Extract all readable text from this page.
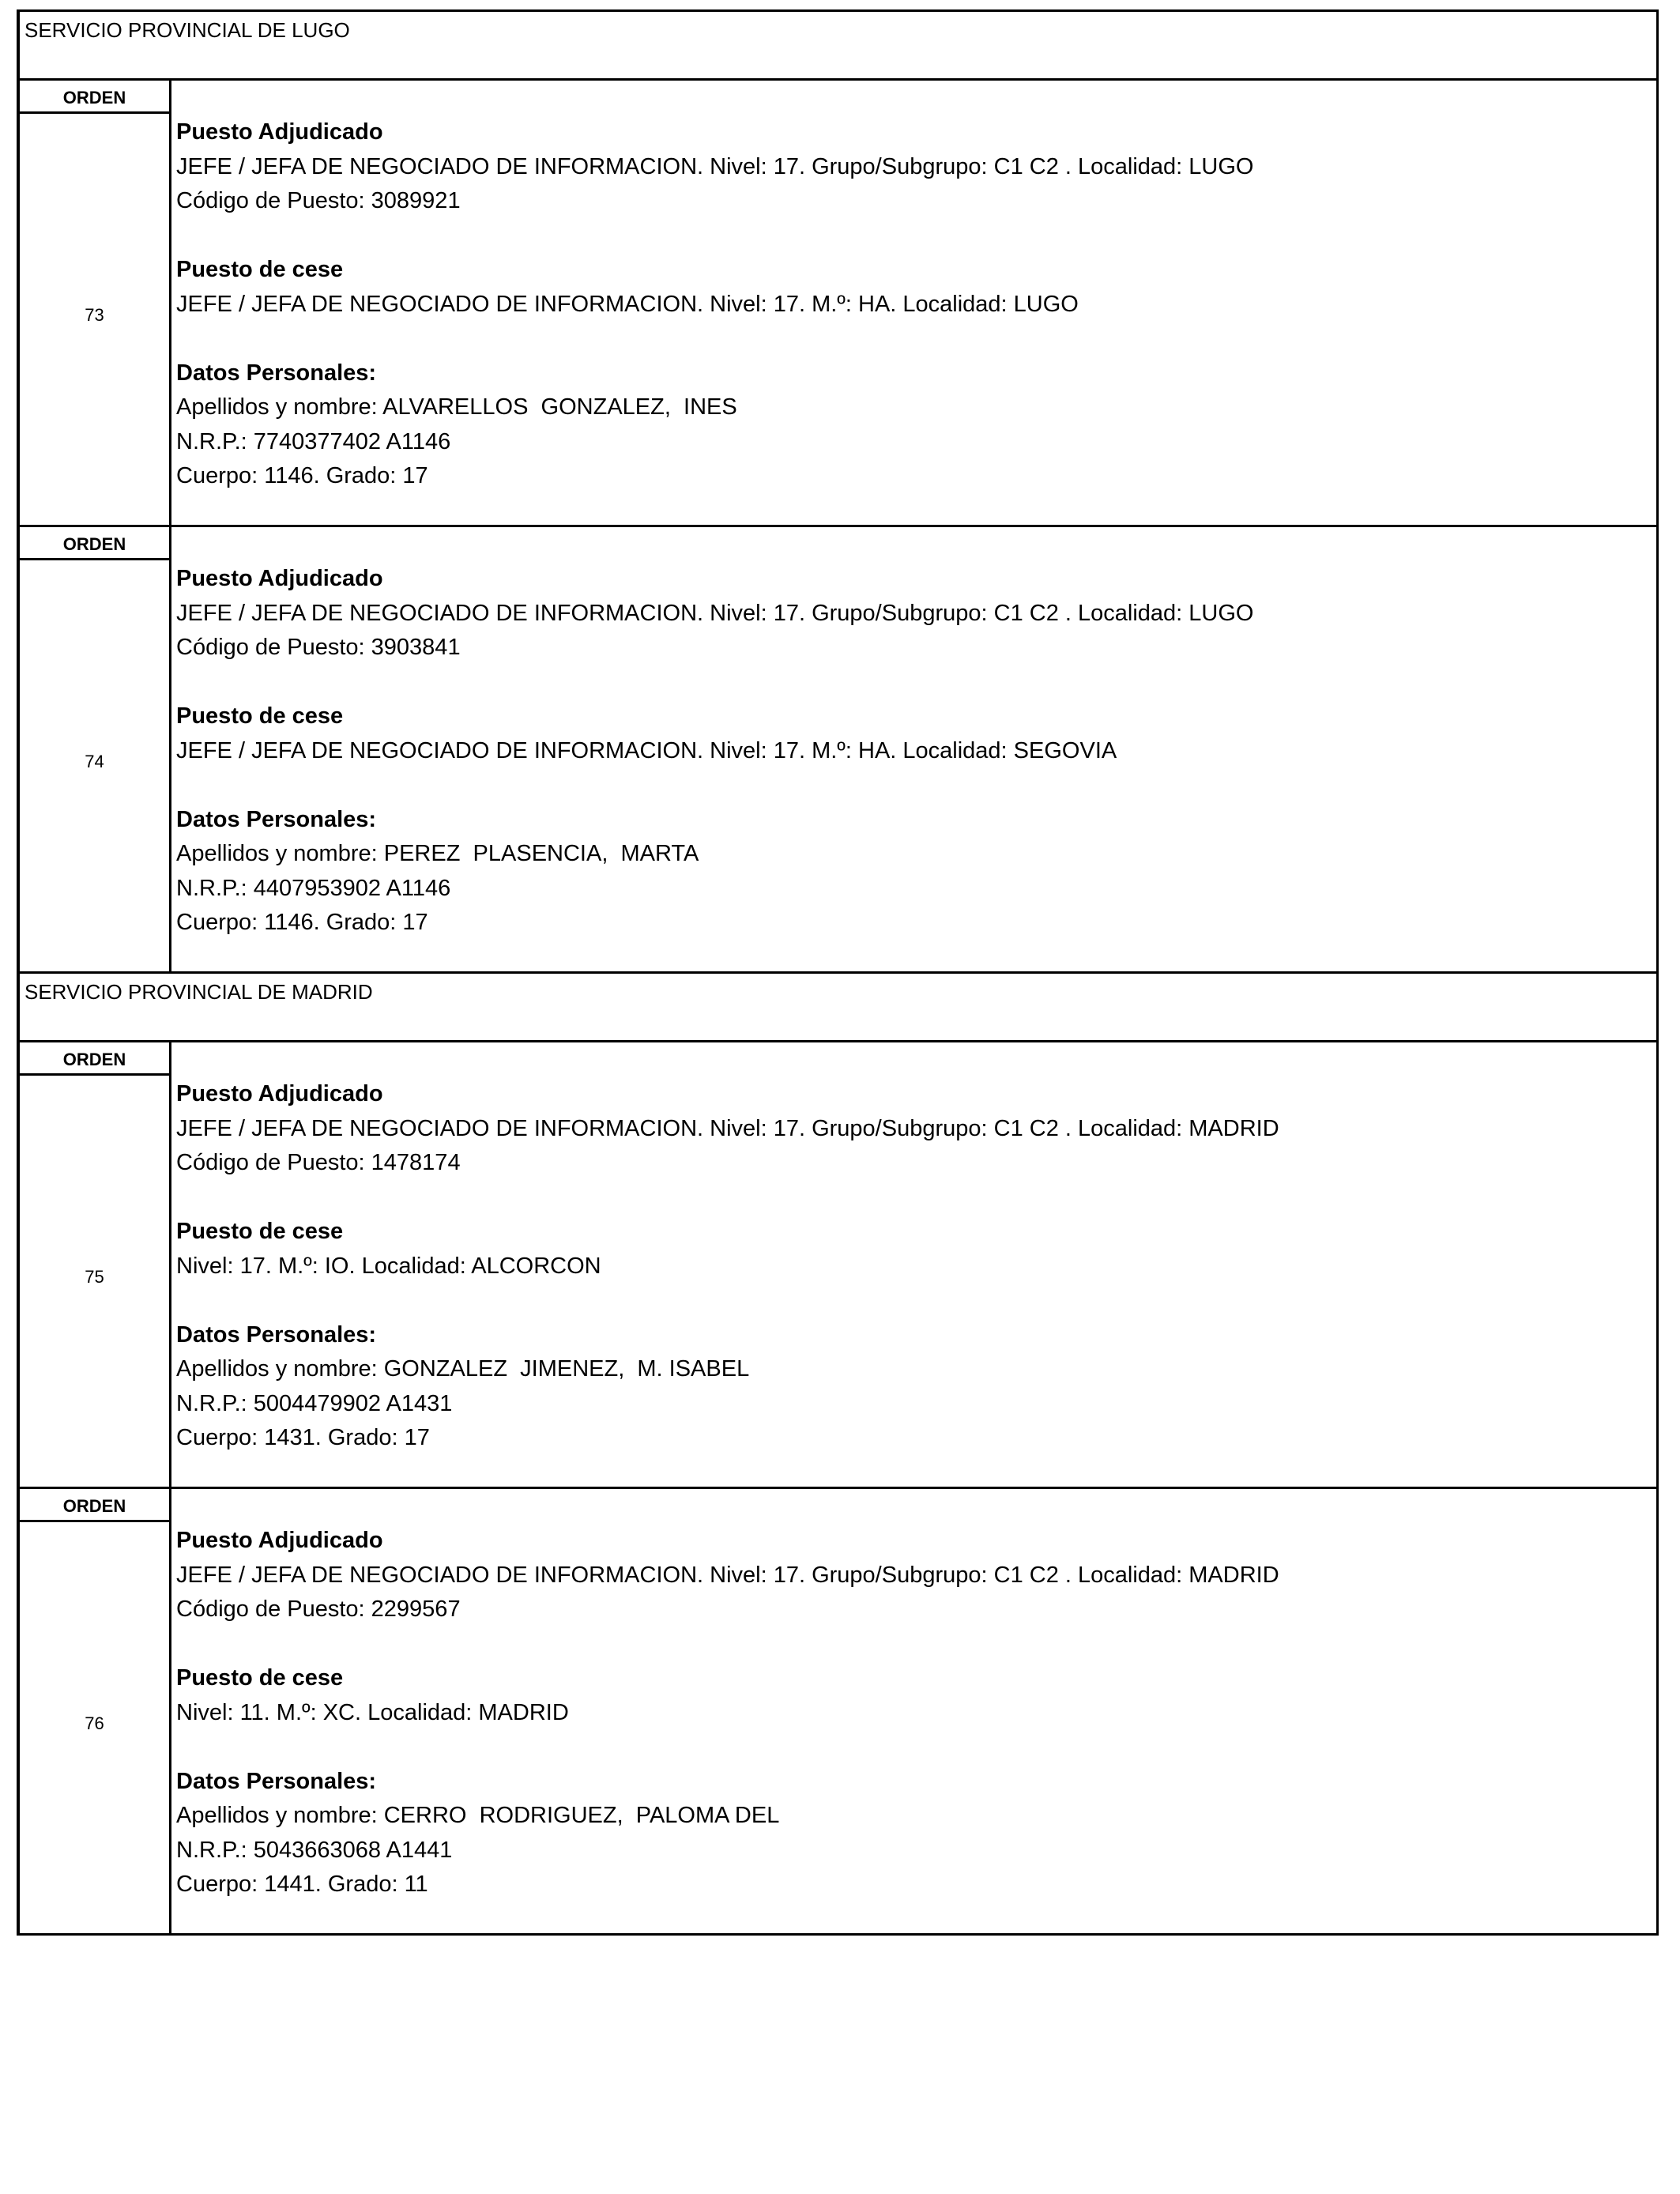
SERVICIO PROVINCIAL DE LUGO
ORDEN
73
Puesto Adjudicado
JEFE / JEFA DE NEGOCIADO DE INFORMACION. Nivel: 17. Grupo/Subgrupo: C1 C2 . Localidad: LUGO
Código de Puesto: 3089921
Puesto de cese
JEFE / JEFA DE NEGOCIADO DE INFORMACION. Nivel: 17. M.º: HA. Localidad: LUGO
Datos Personales:
Apellidos y nombre: ALVARELLOS  GONZALEZ,  INES
N.R.P.: 7740377402 A1146
Cuerpo: 1146. Grado: 17
ORDEN
74
Puesto Adjudicado
JEFE / JEFA DE NEGOCIADO DE INFORMACION. Nivel: 17. Grupo/Subgrupo: C1 C2 . Localidad: LUGO
Código de Puesto: 3903841
Puesto de cese
JEFE / JEFA DE NEGOCIADO DE INFORMACION. Nivel: 17. M.º: HA. Localidad: SEGOVIA
Datos Personales:
Apellidos y nombre: PEREZ  PLASENCIA,  MARTA
N.R.P.: 4407953902 A1146
Cuerpo: 1146. Grado: 17
SERVICIO PROVINCIAL DE MADRID
ORDEN
75
Puesto Adjudicado
JEFE / JEFA DE NEGOCIADO DE INFORMACION. Nivel: 17. Grupo/Subgrupo: C1 C2 . Localidad: MADRID
Código de Puesto: 1478174
Puesto de cese
Nivel: 17. M.º: IO. Localidad: ALCORCON
Datos Personales:
Apellidos y nombre: GONZALEZ  JIMENEZ,  M. ISABEL
N.R.P.: 5004479902 A1431
Cuerpo: 1431. Grado: 17
ORDEN
76
Puesto Adjudicado
JEFE / JEFA DE NEGOCIADO DE INFORMACION. Nivel: 17. Grupo/Subgrupo: C1 C2 . Localidad: MADRID
Código de Puesto: 2299567
Puesto de cese
Nivel: 11. M.º: XC. Localidad: MADRID
Datos Personales:
Apellidos y nombre: CERRO  RODRIGUEZ,  PALOMA DEL
N.R.P.: 5043663068 A1441
Cuerpo: 1441. Grado: 11
